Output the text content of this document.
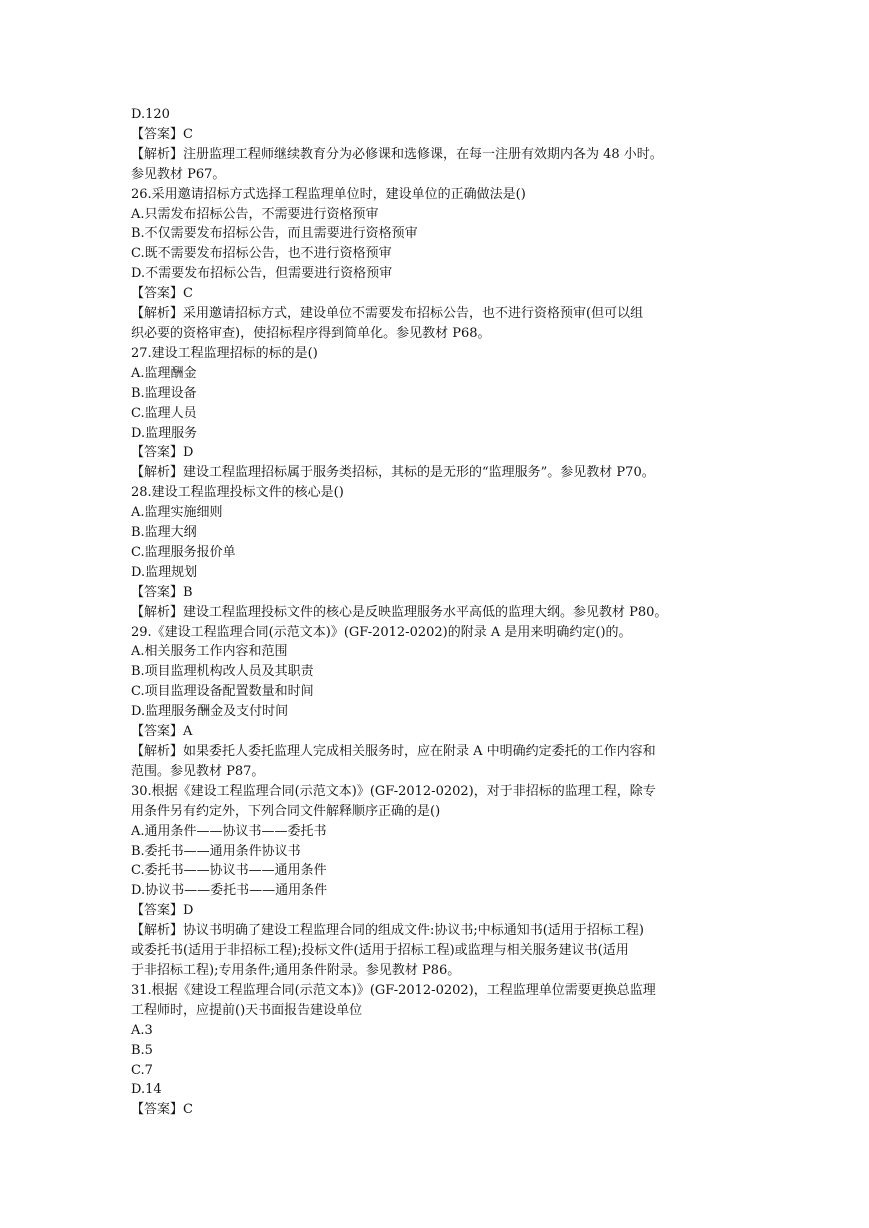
D.120

【答案】C

【解析】注册监理工程师继续教育分为必修课和选修课，在每一注册有效期内各为 48 小时。

参见教材 P67。

26.采用邀请招标方式选择工程监理单位时，建设单位的正确做法是()

A.只需发布招标公告，不需要进行资格预审

B.不仅需要发布招标公告，而且需要进行资格预审

C.既不需要发布招标公告，也不进行资格预审

D.不需要发布招标公告，但需要进行资格预审

【答案】C

【解析】采用邀请招标方式，建设单位不需要发布招标公告，也不进行资格预审(但可以组

织必要的资格审查)，使招标程序得到简单化。参见教材 P68。

27.建设工程监理招标的标的是()

A.监理酬金

B.监理设备

C.监理人员

D.监理服务

【答案】D

【解析】建设工程监理招标属于服务类招标，其标的是无形的“监理服务”。参见教材 P70。

28.建设工程监理投标文件的核心是()

A.监理实施细则

B.监理大纲

C.监理服务报价单

D.监理规划

【答案】B

【解析】建设工程监理投标文件的核心是反映监理服务水平高低的监理大纲。参见教材 P80。

29.《建设工程监理合同(示范文本)》(GF-2012-0202)的附录 A 是用来明确约定()的。

A.相关服务工作内容和范围

B.项目监理机构改人员及其职责

C.项目监理设备配置数量和时间

D.监理服务酬金及支付时间

【答案】A

【解析】如果委托人委托监理人完成相关服务时，应在附录 A 中明确约定委托的工作内容和

范围。参见教材 P87。

30.根据《建设工程监理合同(示范文本)》(GF-2012-0202)，对于非招标的监理工程，除专

用条件另有约定外，下列合同文件解释顺序正确的是()

A.通用条件——协议书——委托书

B.委托书——通用条件协议书

C.委托书——协议书——通用条件

D.协议书——委托书——通用条件

【答案】D

【解析】协议书明确了建设工程监理合同的组成文件:协议书;中标通知书(适用于招标工程)

或委托书(适用于非招标工程);投标文件(适用于招标工程)或监理与相关服务建议书(适用

于非招标工程);专用条件;通用条件附录。参见教材 P86。

31.根据《建设工程监理合同(示范文本)》(GF-2012-0202)，工程监理单位需要更换总监理

工程师时，应提前()天书面报告建设单位

A.3

B.5

C.7

D.14

【答案】C
